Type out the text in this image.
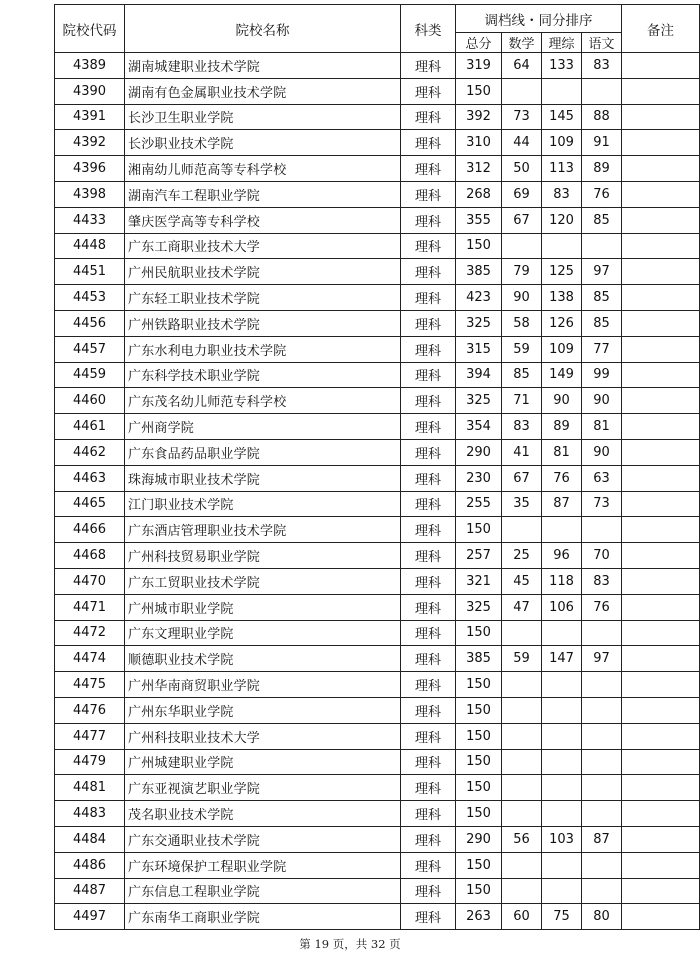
院校代码	院校名称	科类	调档线・同分排序				备注
			总分	数学	理综	语文	
4389	湖南城建职业技术学院	理科	319	64	133	83	
4390	湖南有色金属职业技术学院	理科	150				
4391	长沙卫生职业学院	理科	392	73	145	88	
4392	长沙职业技术学院	理科	310	44	109	91	
4396	湘南幼儿师范高等专科学校	理科	312	50	113	89	
4398	湖南汽车工程职业学院	理科	268	69	83	76	
4433	肇庆医学高等专科学校	理科	355	67	120	85	
4448	广东工商职业技术大学	理科	150				
4451	广州民航职业技术学院	理科	385	79	125	97	
4453	广东轻工职业技术学院	理科	423	90	138	85	
4456	广州铁路职业技术学院	理科	325	58	126	85	
4457	广东水利电力职业技术学院	理科	315	59	109	77	
4459	广东科学技术职业学院	理科	394	85	149	99	
4460	广东茂名幼儿师范专科学校	理科	325	71	90	90	
4461	广州商学院	理科	354	83	89	81	
4462	广东食品药品职业学院	理科	290	41	81	90	
4463	珠海城市职业技术学院	理科	230	67	76	63	
4465	江门职业技术学院	理科	255	35	87	73	
4466	广东酒店管理职业技术学院	理科	150				
4468	广州科技贸易职业学院	理科	257	25	96	70	
4470	广东工贸职业技术学院	理科	321	45	118	83	
4471	广州城市职业学院	理科	325	47	106	76	
4472	广东文理职业学院	理科	150				
4474	顺德职业技术学院	理科	385	59	147	97	
4475	广州华南商贸职业学院	理科	150				
4476	广州东华职业学院	理科	150				
4477	广州科技职业技术大学	理科	150				
4479	广州城建职业学院	理科	150				
4481	广东亚视演艺职业学院	理科	150				
4483	茂名职业技术学院	理科	150				
4484	广东交通职业技术学院	理科	290	56	103	87	
4486	广东环境保护工程职业学院	理科	150				
4487	广东信息工程职业学院	理科	150				
4497	广东南华工商职业学院	理科	263	60	75	80	
第 19 页，共 32 页
